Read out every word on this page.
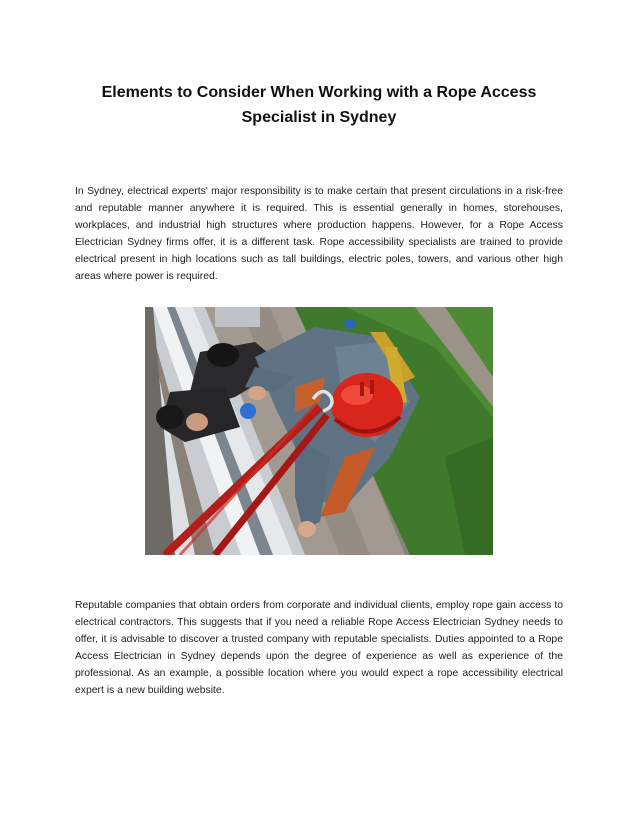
Elements to Consider When Working with a Rope Access Specialist in Sydney

In Sydney, electrical experts' major responsibility is to make certain that present circulations in a risk-free and reputable manner anywhere it is required. This is essential generally in homes, storehouses, workplaces, and industrial high structures where production happens. However, for a Rope Access Electrician Sydney firms offer, it is a different task. Rope accessibility specialists are trained to provide electrical present in high locations such as tall buildings, electric poles, towers, and various other high areas where power is required.

Reputable companies that obtain orders from corporate and individual clients, employ rope gain access to electrical contractors. This suggests that if you need a reliable Rope Access Electrician Sydney needs to offer, it is advisable to discover a trusted company with reputable specialists. Duties appointed to a Rope Access Electrician in Sydney depends upon the degree of experience as well as experience of the professional. As an example, a possible location where you would expect a rope accessibility electrical expert is a new building website.
